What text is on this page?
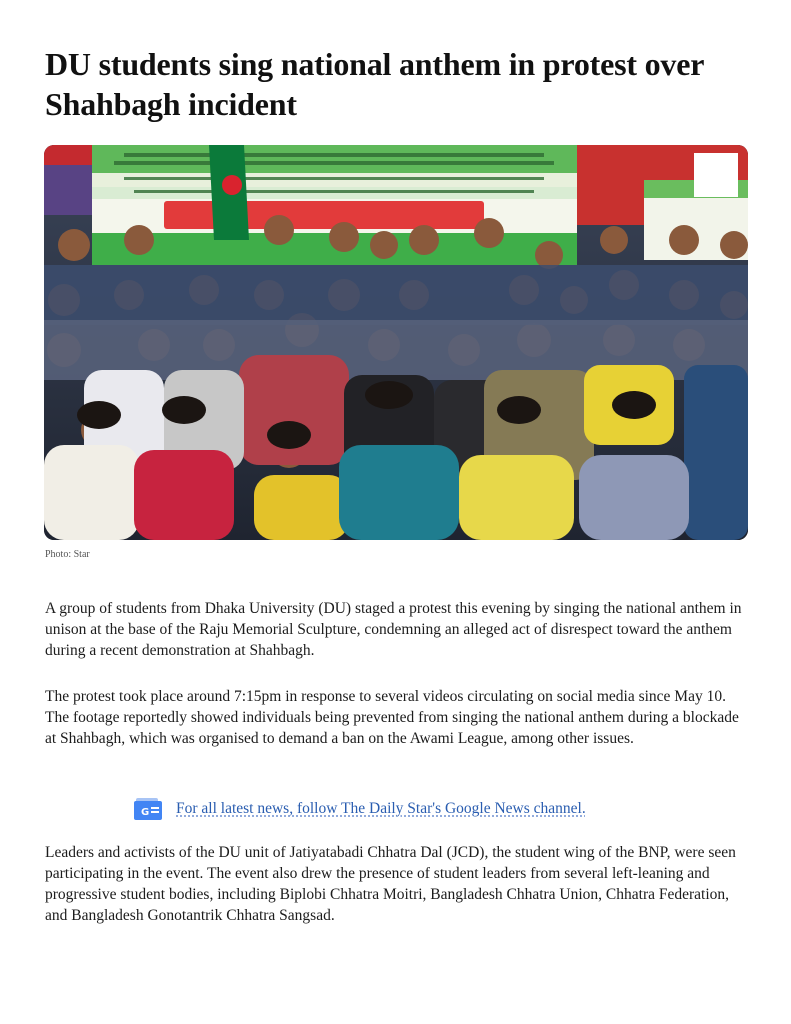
DU students sing national anthem in protest over Shahbagh incident
Photo: Star

A group of students from Dhaka University (DU) staged a protest this evening by singing the national anthem in unison at the base of the Raju Memorial Sculpture, condemning an alleged act of disrespect toward the anthem during a recent demonstration at Shahbagh.

The protest took place around 7:15pm in response to several videos circulating on social media since May 10. The footage reportedly showed individuals being prevented from singing the national anthem during a blockade at Shahbagh, which was organised to demand a ban on the Awami League, among other issues.

G For all latest news, follow The Daily Star's Google News channel.

Leaders and activists of the DU unit of Jatiyatabadi Chhatra Dal (JCD), the student wing of the BNP, were seen participating in the event. The event also drew the presence of student leaders from several left-leaning and progressive student bodies, including Biplobi Chhatra Moitri, Bangladesh Chhatra Union, Chhatra Federation, and Bangladesh Gonotantrik Chhatra Sangsad.
